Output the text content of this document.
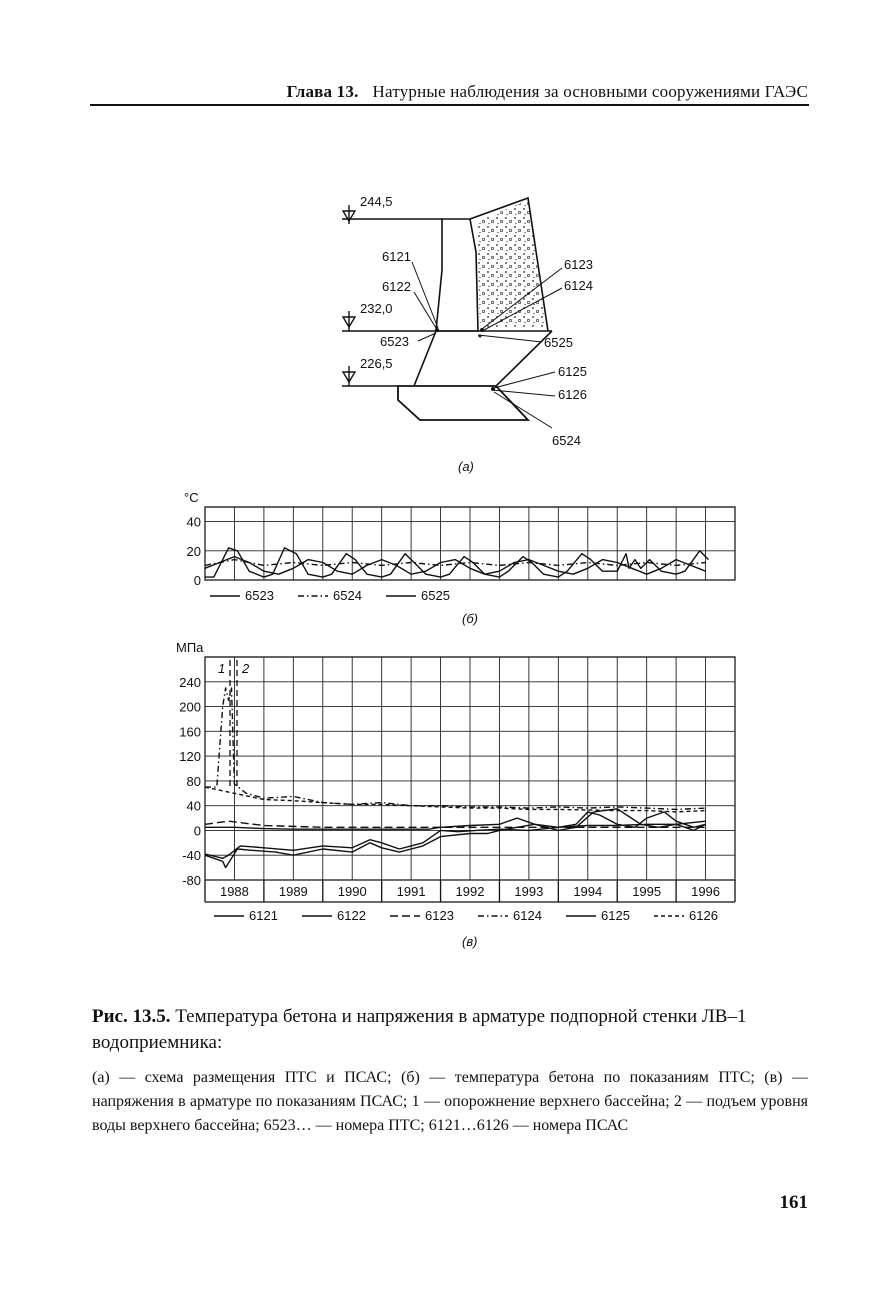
Глава 13. Натурные наблюдения за основными сооружениями ГАЭС
244,5
232,0
226,5
6121
6122
6523
6123
6124
6525
6125
6126
6524
(а)
40
20
0
°C
6523	6524	6525
(б)
240
200
160
120
80
40
0
-40
-80
1988 1989 1990 1991 1992 1993 1994 1995 1996
МПа
1 2
6121	6122	6123	6124	6125	6126
(в)
Рис. 13.5. Температура бетона и напряжения в арматуре подпорной стенки ЛВ–1 водоприемника:
(а) — схема размещения ПТС и ПСАС; (б) — температура бетона по показаниям ПТС; (в) — напряжения в арматуре по показаниям ПСАС; 1 — опорожнение верхнего бассейна; 2 — подъем уровня воды верхнего бассейна; 6523… — номера ПТС; 6121…6126 — номера ПСАС
161
